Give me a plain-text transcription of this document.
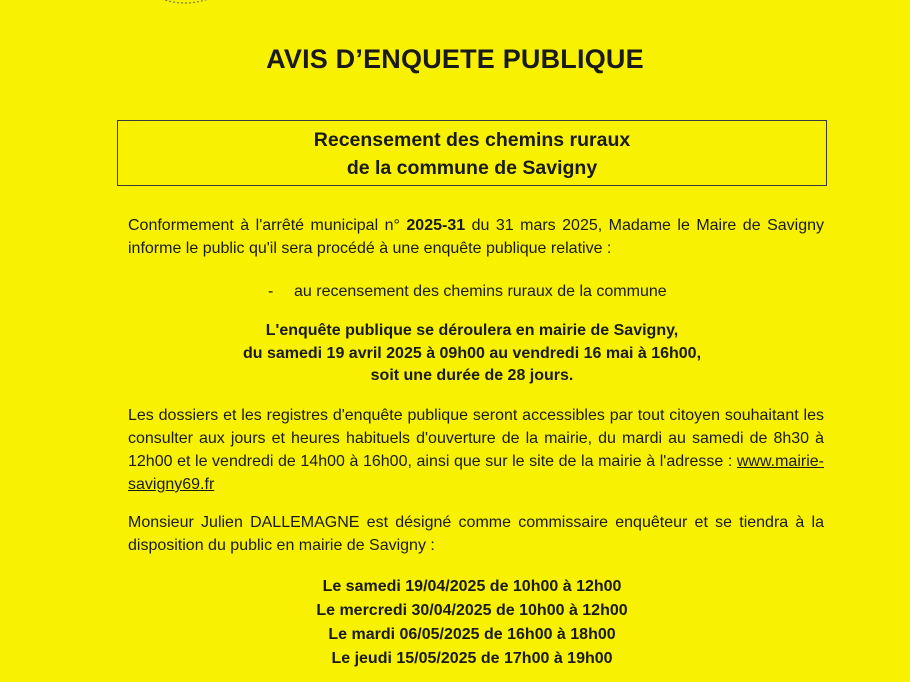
AVIS D’ENQUETE PUBLIQUE
Recensement des chemins ruraux
de la commune de Savigny
Conformement à l'arrêté municipal n° 2025-31 du 31 mars 2025, Madame le Maire de Savigny informe le public qu'il sera procédé à une enquête publique relative :
- au recensement des chemins ruraux de la commune
L'enquête publique se déroulera en mairie de Savigny,
du samedi 19 avril 2025 à 09h00 au vendredi 16 mai à 16h00,
soit une durée de 28 jours.
Les dossiers et les registres d'enquête publique seront accessibles par tout citoyen souhaitant les consulter aux jours et heures habituels d'ouverture de la mairie, du mardi au samedi de 8h30 à 12h00 et le vendredi de 14h00 à 16h00, ainsi que sur le site de la mairie à l'adresse : www.mairie-savigny69.fr
Monsieur Julien DALLEMAGNE est désigné comme commissaire enquêteur et se tiendra à la disposition du public en mairie de Savigny :
Le samedi 19/04/2025 de 10h00 à 12h00
Le mercredi 30/04/2025 de 10h00 à 12h00
Le mardi 06/05/2025 de 16h00 à 18h00
Le jeudi 15/05/2025 de 17h00 à 19h00
